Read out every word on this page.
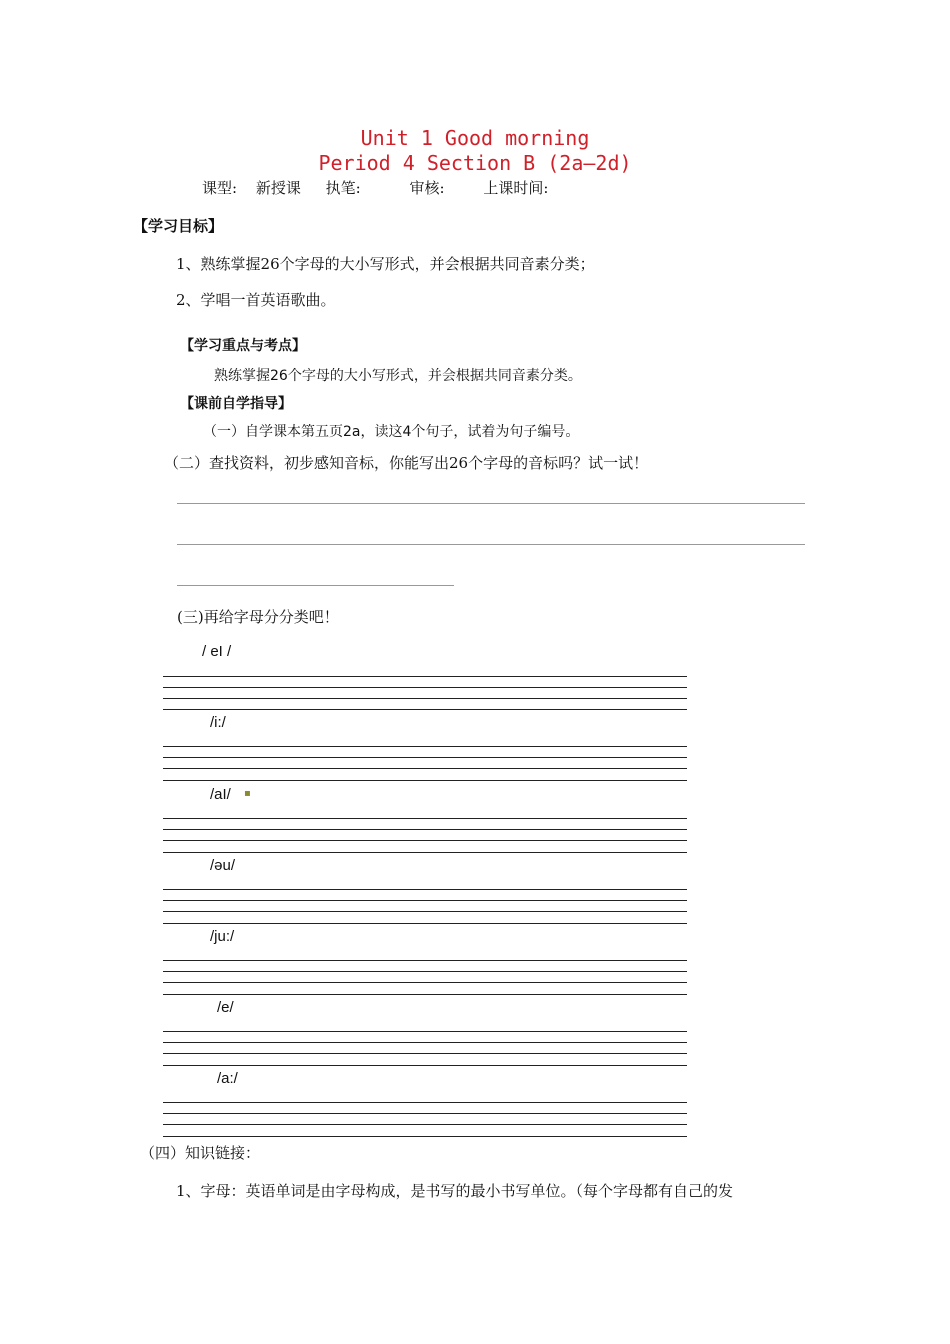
Unit 1 Good morning
Period 4 Section B (2a—2d)
课型: 新授课 执笔:	审核:	上课时间:
【学习目标】
1、熟练掌握26个字母的大小写形式，并会根据共同音素分类；
2、学唱一首英语歌曲。
【学习重点与考点】
熟练掌握26个字母的大小写形式，并会根据共同音素分类。
【课前自学指导】
（一）自学课本第五页2a，读这4个句子，试着为句子编号。
（二）查找资料，初步感知音标，你能写出26个字母的音标吗？试一试！
(三)再给字母分分类吧！
/ eI /
/i:/
/aI/ ▪
/əu/
/ju:/
/e/
/a:/
（四）知识链接：
1、字母：英语单词是由字母构成，是书写的最小书写单位。（每个字母都有自己的发
